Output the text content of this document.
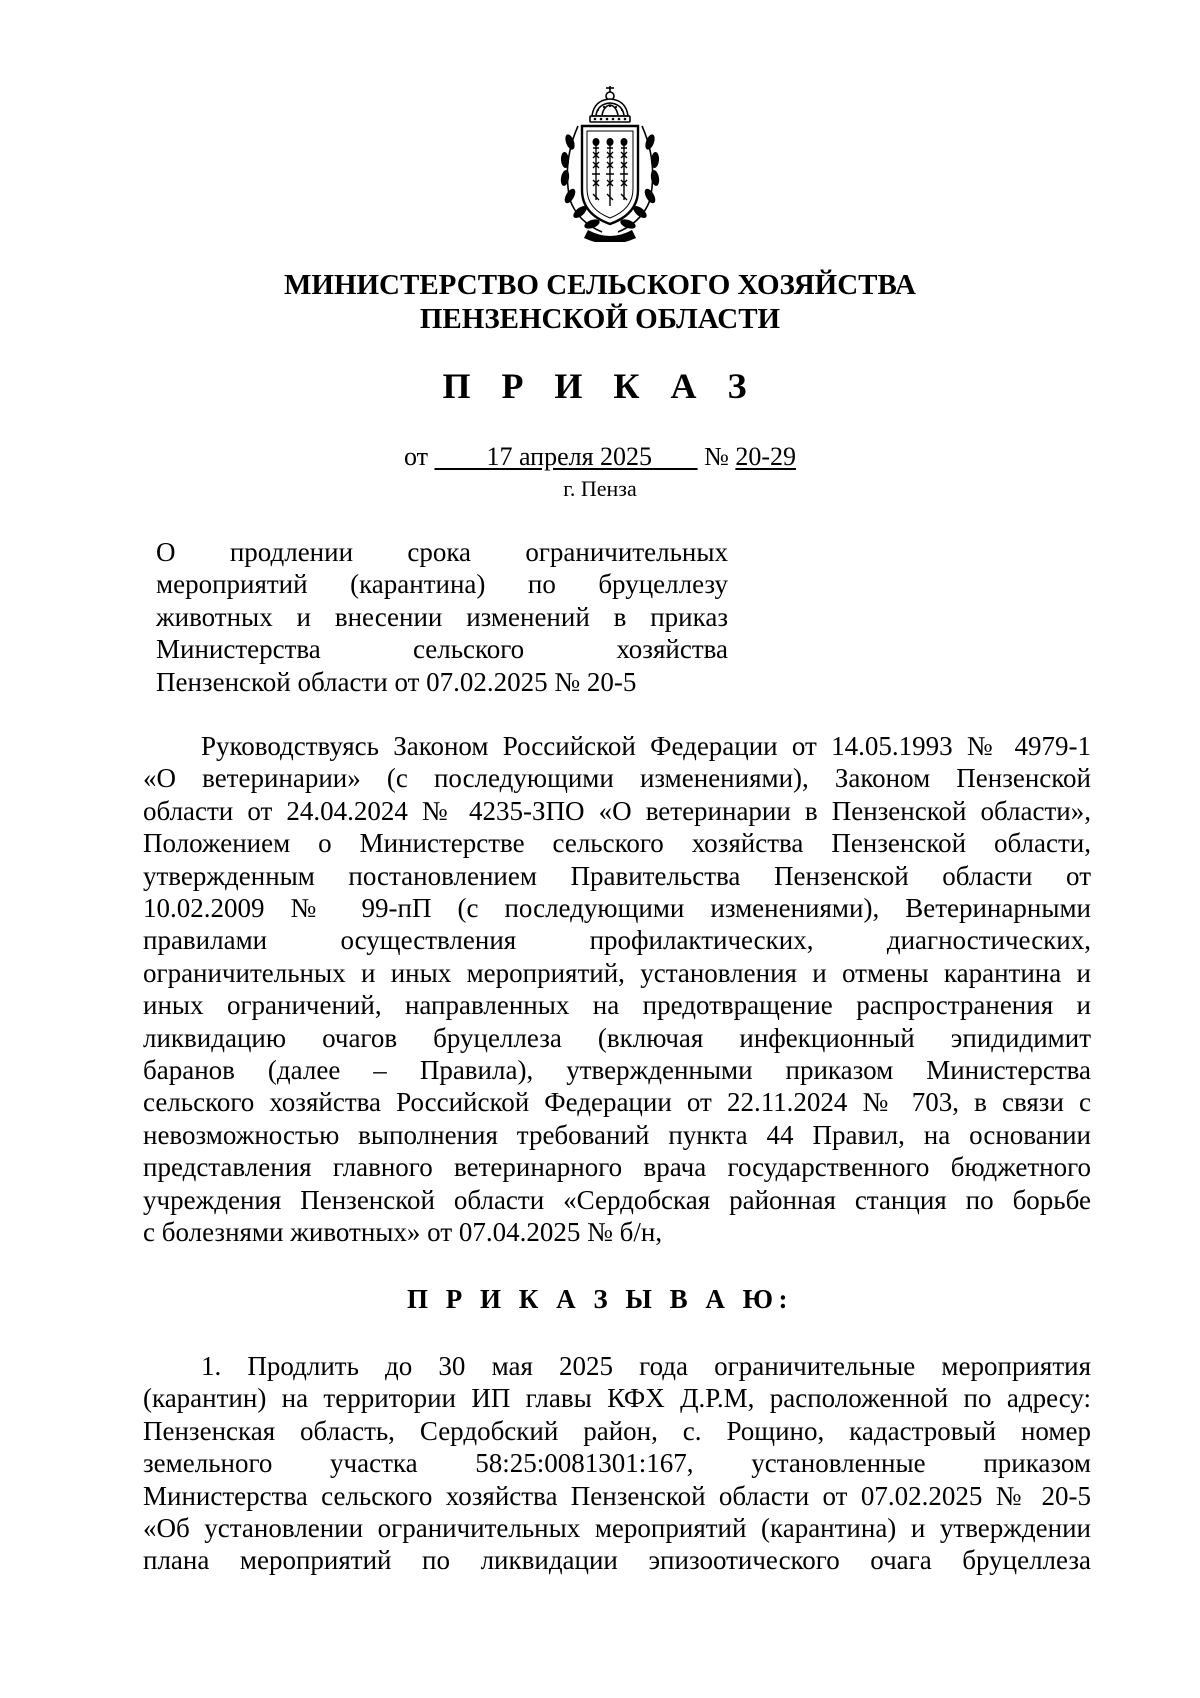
МИНИСТЕРСТВО СЕЛЬСКОГО ХОЗЯЙСТВА
ПЕНЗЕНСКОЙ ОБЛАСТИ
П Р И К А З
от 17 апреля 2025 № 20-29
г. Пенза
О продлении срока ограничительных
мероприятий (карантина) по бруцеллезу
животных и внесении изменений в приказ
Министерства сельского хозяйства
Пензенской области от 07.02.2025 № 20-5
Руководствуясь Законом Российской Федерации от 14.05.1993 № 4979-1
«О ветеринарии» (с последующими изменениями), Законом Пензенской
области от 24.04.2024 № 4235-ЗПО «О ветеринарии в Пензенской области»,
Положением о Министерстве сельского хозяйства Пензенской области,
утвержденным постановлением Правительства Пензенской области от
10.02.2009 № 99-пП (с последующими изменениями), Ветеринарными
правилами осуществления профилактических, диагностических,
ограничительных и иных мероприятий, установления и отмены карантина и
иных ограничений, направленных на предотвращение распространения и
ликвидацию очагов бруцеллеза (включая инфекционный эпидидимит
баранов (далее – Правила), утвержденными приказом Министерства
сельского хозяйства Российской Федерации от 22.11.2024 № 703, в связи с
невозможностью выполнения требований пункта 44 Правил, на основании
представления главного ветеринарного врача государственного бюджетного
учреждения Пензенской области «Сердобская районная станция по борьбе
с болезнями животных» от 07.04.2025 № б/н,
П Р И К А З Ы В А Ю:
1. Продлить до 30 мая 2025 года ограничительные мероприятия
(карантин) на территории ИП главы КФХ Д.Р.М, расположенной по адресу:
Пензенская область, Сердобский район, с. Рощино, кадастровый номер
земельного участка 58:25:0081301:167, установленные приказом
Министерства сельского хозяйства Пензенской области от 07.02.2025 № 20-5
«Об установлении ограничительных мероприятий (карантина) и утверждении
плана мероприятий по ликвидации эпизоотического очага бруцеллеза
